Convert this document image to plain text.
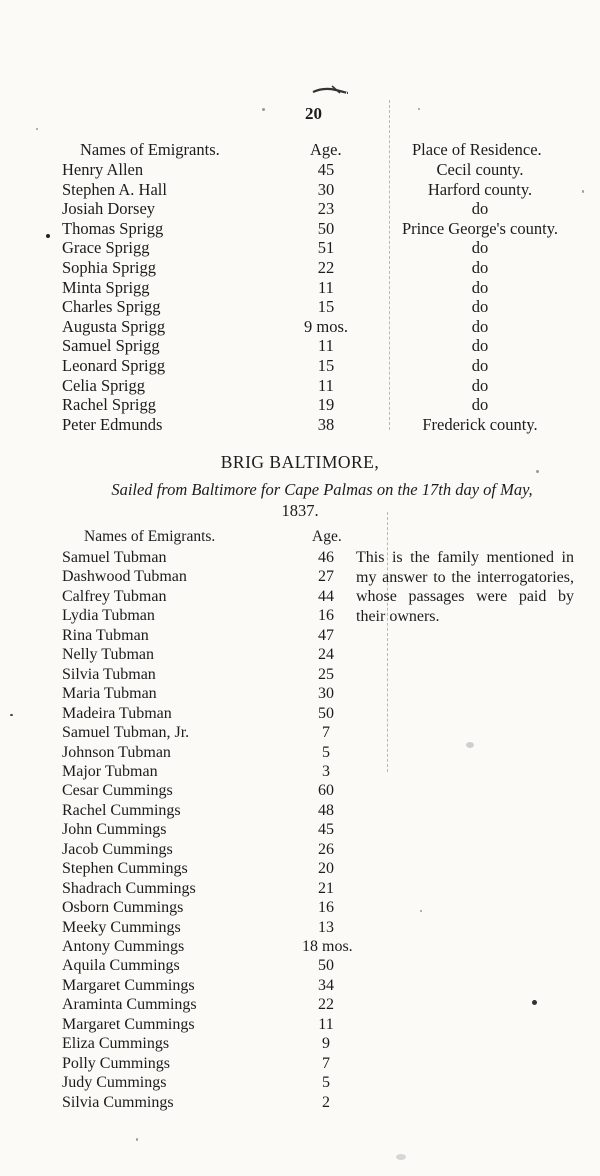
20
Names of Emigrants.	Age.	Place of Residence.
Henry Allen	45	Cecil county.
Stephen A. Hall	30	Harford county.
Josiah Dorsey	23	do
Thomas Sprigg	50	Prince George's county.
Grace Sprigg	51	do
Sophia Sprigg	22	do
Minta Sprigg	11	do
Charles Sprigg	15	do
Augusta Sprigg	9 mos.	do
Samuel Sprigg	11	do
Leonard Sprigg	15	do
Celia Sprigg	11	do
Rachel Sprigg	19	do
Peter Edmunds	38	Frederick county.
BRIG BALTIMORE,
Sailed from Baltimore for Cape Palmas on the 17th day of May,
1837.
Names of Emigrants.	Age.
This is the family mentioned in my answer to the interrogatories, whose passages were paid by their owners.
Samuel Tubman	46
Dashwood Tubman	27
Calfrey Tubman	44
Lydia Tubman	16
Rina Tubman	47
Nelly Tubman	24
Silvia Tubman	25
Maria Tubman	30
Madeira Tubman	50
Samuel Tubman, Jr.	7
Johnson Tubman	5
Major Tubman	3
Cesar Cummings	60
Rachel Cummings	48
John Cummings	45
Jacob Cummings	26
Stephen Cummings	20
Shadrach Cummings	21
Osborn Cummings	16
Meeky Cummings	13
Antony Cummings	18 mos.
Aquila Cummings	50
Margaret Cummings	34
Araminta Cummings	22
Margaret Cummings	11
Eliza Cummings	9
Polly Cummings	7
Judy Cummings	5
Silvia Cummings	2
